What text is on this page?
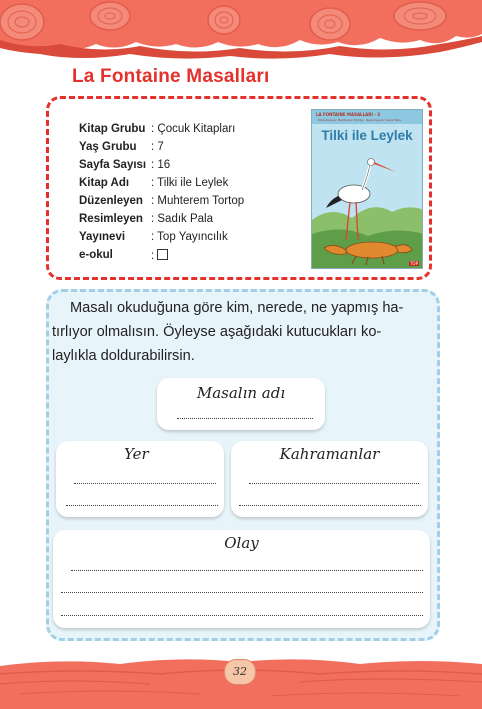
La Fontaine Masalları
Kitap Grubu : Çocuk Kitapları
Yaş Grubu	: 7
Sayfa Sayısı : 16
Kitap Adı	: Tilki ile Leylek
Düzenleyen : Muhterem Tortop
Resimleyen : Sadık Pala
Yayınevi	: Top Yayıncılık
e-okul	:
LA FONTAINE MASALLARI - 3
Düzenleyen: Muhterem Tortop · Resimleyen: Sadık Pala
Tilki ile Leylek
TOP

Masalı okuduğuna göre kim, nerede, ne yapmış ha-

tırlıyor olmalısın. Öyleyse aşağıdaki kutucukları ko-

laylıkla doldurabilirsin.

Masalın adı
Yer	Kahramanlar
Olay
32
